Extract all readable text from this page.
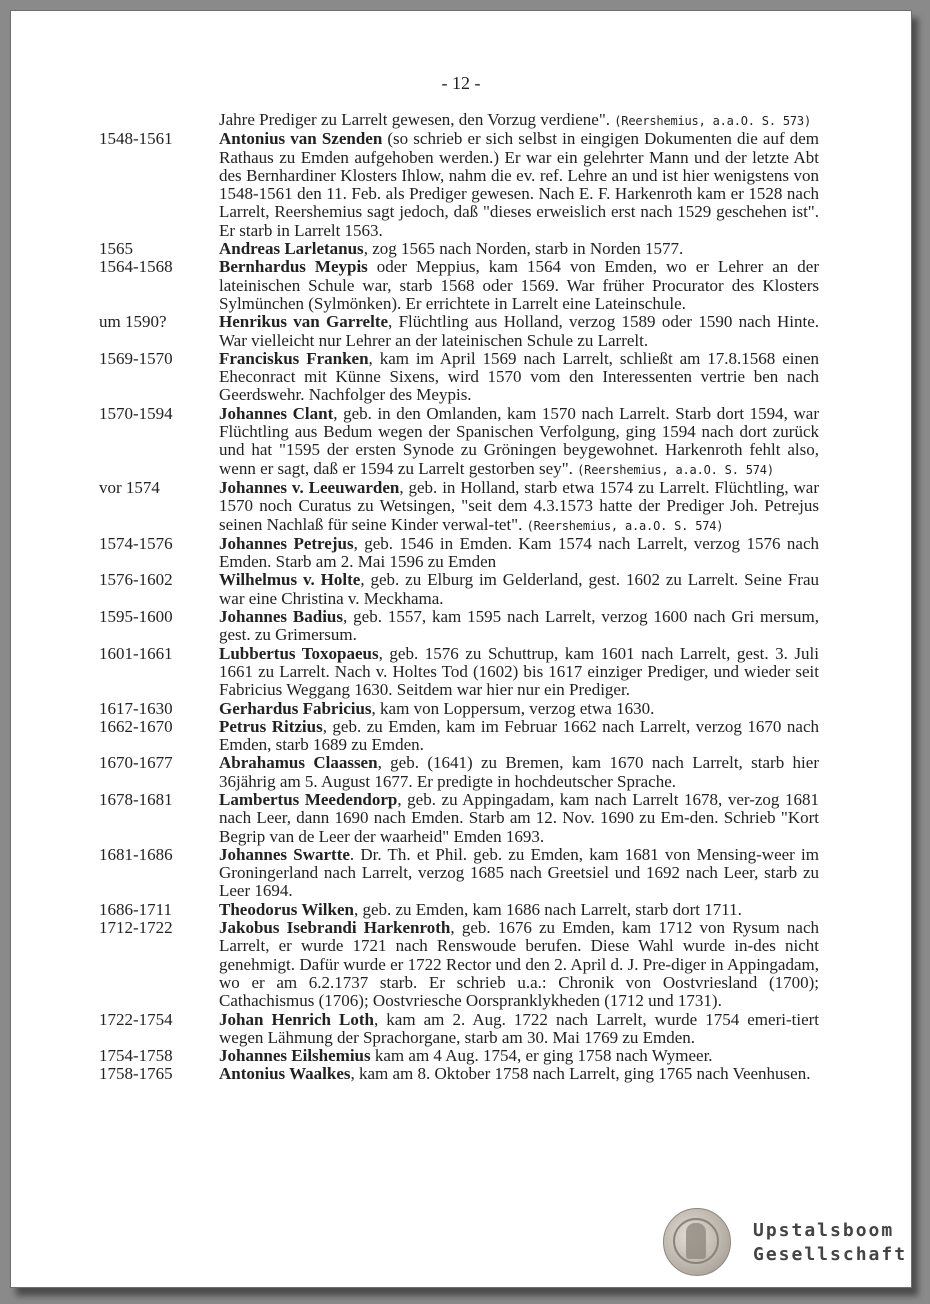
- 12 -
Jahre Prediger zu Larrelt gewesen, den Vorzug verdiene". (Reershemius, a.a.O. S. 573)
1548-1561	Antonius van Szenden (so schrieb er sich selbst in eingigen Dokumenten die auf dem Rathaus zu Emden aufgehoben werden.) Er war ein gelehrter Mann und der letzte Abt des Bernhardiner Klosters Ihlow, nahm die ev. ref. Lehre an und ist hier wenigstens von 1548-1561 den 11. Feb. als Prediger gewesen. Nach E. F. Harkenroth kam er 1528 nach Larrelt, Reershemius sagt jedoch, daß "dieses erweislich erst nach 1529 geschehen ist". Er starb in Larrelt 1563.
1565	Andreas Larletanus, zog 1565 nach Norden, starb in Norden 1577.
1564-1568	Bernhardus Meypis oder Meppius, kam 1564 von Emden, wo er Lehrer an der lateinischen Schule war, starb 1568 oder 1569. War früher Procurator des Klosters Sylmünchen (Sylmönken). Er errichtete in Larrelt eine Lateinschule.
um 1590?	Henrikus van Garrelte, Flüchtling aus Holland, verzog 1589 oder 1590 nach Hinte. War vielleicht nur Lehrer an der lateinischen Schule zu Larrelt.
1569-1570	Franciskus Franken, kam im April 1569 nach Larrelt, schließt am 17.8.1568 einen Eheconract mit Künne Sixens, wird 1570 vom den Interessenten vertrie ben nach Geerdswehr. Nachfolger des Meypis.
1570-1594	Johannes Clant, geb. in den Omlanden, kam 1570 nach Larrelt. Starb dort 1594, war Flüchtling aus Bedum wegen der Spanischen Verfolgung, ging 1594 nach dort zurück und hat "1595 der ersten Synode zu Gröningen beygewohnet. Harkenroth fehlt also, wenn er sagt, daß er 1594 zu Larrelt gestorben sey". (Reershemius, a.a.O. S. 574)
vor 1574	Johannes v. Leeuwarden, geb. in Holland, starb etwa 1574 zu Larrelt. Flüchtling, war 1570 noch Curatus zu Wetsingen, "seit dem 4.3.1573 hatte der Prediger Joh. Petrejus seinen Nachlaß für seine Kinder verwal-tet". (Reershemius, a.a.O. S. 574)
1574-1576	Johannes Petrejus, geb. 1546 in Emden. Kam 1574 nach Larrelt, verzog 1576 nach Emden. Starb am 2. Mai 1596 zu Emden
1576-1602	Wilhelmus v. Holte, geb. zu Elburg im Gelderland, gest. 1602 zu Larrelt. Seine Frau war eine Christina v. Meckhama.
1595-1600	Johannes Badius, geb. 1557, kam 1595 nach Larrelt, verzog 1600 nach Gri mersum, gest. zu Grimersum.
1601-1661	Lubbertus Toxopaeus, geb. 1576 zu Schuttrup, kam 1601 nach Larrelt, gest. 3. Juli 1661 zu Larrelt. Nach v. Holtes Tod (1602) bis 1617 einziger Prediger, und wieder seit Fabricius Weggang 1630. Seitdem war hier nur ein Prediger.
1617-1630	Gerhardus Fabricius, kam von Loppersum, verzog etwa 1630.
1662-1670	Petrus Ritzius, geb. zu Emden, kam im Februar 1662 nach Larrelt, verzog 1670 nach Emden, starb 1689 zu Emden.
1670-1677	Abrahamus Claassen, geb. (1641) zu Bremen, kam 1670 nach Larrelt, starb hier 36jährig am 5. August 1677. Er predigte in hochdeutscher Sprache.
1678-1681	Lambertus Meedendorp, geb. zu Appingadam, kam nach Larrelt 1678, ver-zog 1681 nach Leer, dann 1690 nach Emden. Starb am 12. Nov. 1690 zu Em-den. Schrieb "Kort Begrip van de Leer der waarheid" Emden 1693.
1681-1686	Johannes Swartte. Dr. Th. et Phil. geb. zu Emden, kam 1681 von Mensing-weer im Groningerland nach Larrelt, verzog 1685 nach Greetsiel und 1692 nach Leer, starb zu Leer 1694.
1686-1711	Theodorus Wilken, geb. zu Emden, kam 1686 nach Larrelt, starb dort 1711.
1712-1722	Jakobus Isebrandi Harkenroth, geb. 1676 zu Emden, kam 1712 von Rysum nach Larrelt, er wurde 1721 nach Renswoude berufen. Diese Wahl wurde in-des nicht genehmigt. Dafür wurde er 1722 Rector und den 2. April d. J. Pre-diger in Appingadam, wo er am 6.2.1737 starb. Er schrieb u.a.: Chronik von Oostvriesland (1700); Cathachismus (1706); Oostvriesche Oorspranklykheden (1712 und 1731).
1722-1754	Johan Henrich Loth, kam am 2. Aug. 1722 nach Larrelt, wurde 1754 emeri-tiert wegen Lähmung der Sprachorgane, starb am 30. Mai 1769 zu Emden.
1754-1758	Johannes Eilshemius kam am 4 Aug. 1754, er ging 1758 nach Wymeer.
1758-1765	Antonius Waalkes, kam am 8. Oktober 1758 nach Larrelt, ging 1765 nach Veenhusen.
Upstalsboom
Gesellschaft
